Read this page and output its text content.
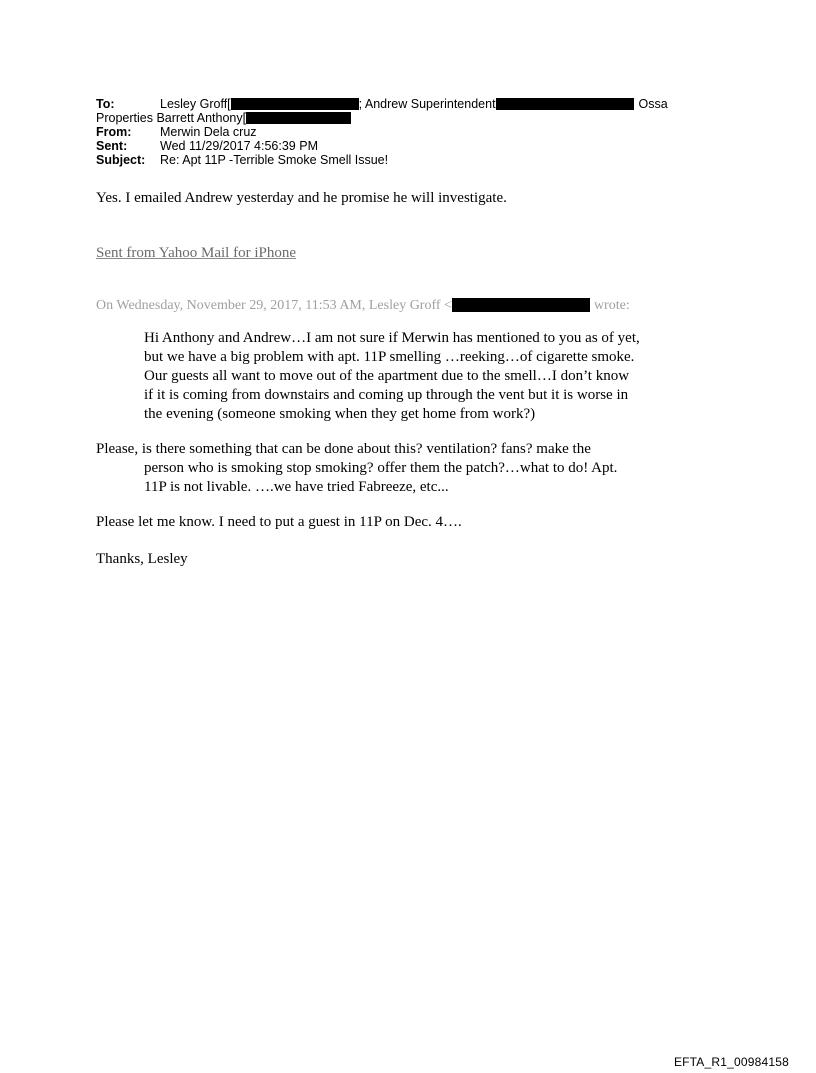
To:	Lesley Groff[	; Andrew Superintendent	Ossa
Properties Barrett Anthony[
From: Merwin Dela cruz
Sent:	Wed 11/29/2017 4:56:39 PM
Subject: Re: Apt 11P -Terrible Smoke Smell Issue!
Yes. I emailed Andrew yesterday and he promise he will investigate.
Sent from Yahoo Mail for iPhone
On Wednesday, November 29, 2017, 11:53 AM, Lesley Groff <	wrote:
Hi Anthony and Andrew…I am not sure if Merwin has mentioned to you as of yet,
but we have a big problem with apt. 11P smelling …reeking…of cigarette smoke.
Our guests all want to move out of the apartment due to the smell…I don’t know
if it is coming from downstairs and coming up through the vent but it is worse in
the evening (someone smoking when they get home from work?)
Please, is there something that can be done about this? ventilation? fans? make the
person who is smoking stop smoking? offer them the patch?…what to do! Apt.
11P is not livable. ….we have tried Fabreeze, etc...
Please let me know. I need to put a guest in 11P on Dec. 4….
Thanks, Lesley
EFTA_R1_00984158
